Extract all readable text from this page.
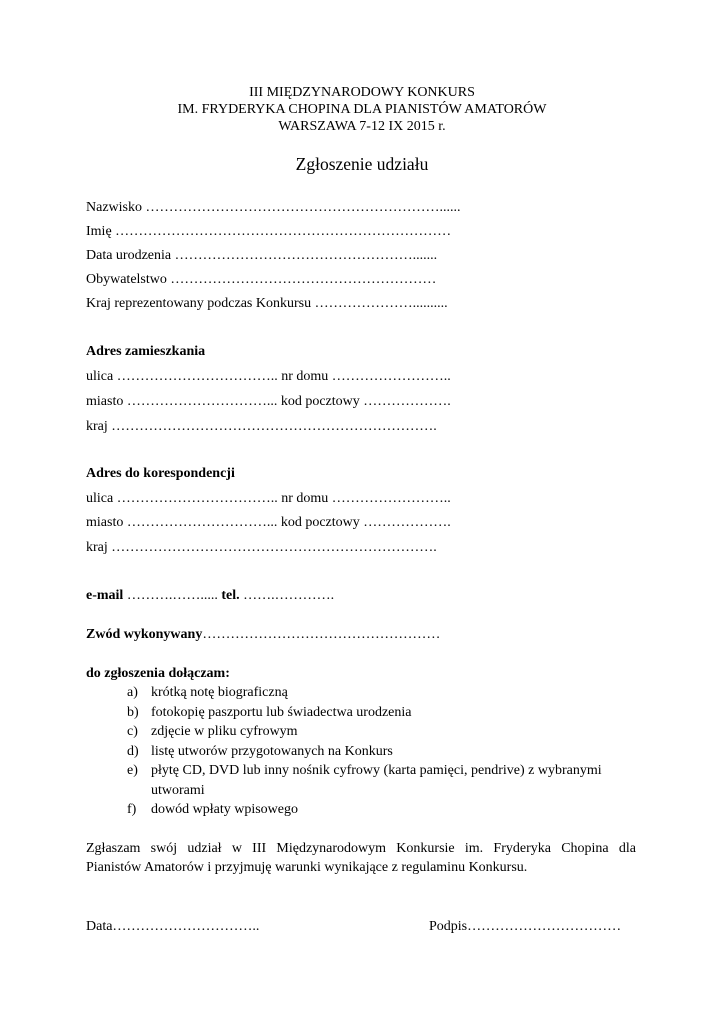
III MIĘDZYNARODOWY KONKURS
IM. FRYDERYKA CHOPINA DLA PIANISTÓW AMATORÓW
WARSZAWA 7-12 IX 2015 r.
Zgłoszenie udziału
Nazwisko ………………………………………………………......
Imię ………………………………………………………………
Data urodzenia …………………………………………….......
Obywatelstwo …………………………………………………
Kraj reprezentowany podczas Konkursu …………………..........
Adres zamieszkania
ulica …………………………….. nr domu ……………………..
miasto …………………………... kod pocztowy ……………….
kraj …………………………………………………………….
Adres do korespondencji
ulica …………………………….. nr domu ……………………..
miasto …………………………... kod pocztowy ……………….
kraj …………………………………………………………….
e-mail ……….……..... tel. …….………….
Zwód wykonywany……………………………………………
do zgłoszenia dołączam:
a) krótką notę biograficzną
b) fotokopię paszportu lub świadectwa urodzenia
c) zdjęcie w pliku cyfrowym
d) listę utworów przygotowanych na Konkurs
e) płytę CD, DVD lub inny nośnik cyfrowy (karta pamięci, pendrive) z wybranymi
utworami
f) dowód wpłaty wpisowego
Zgłaszam swój udział w III Międzynarodowym Konkursie im. Fryderyka Chopina dla
Pianistów Amatorów i przyjmuję warunki wynikające z regulaminu Konkursu.
Data…………………………..	Podpis……………………………
